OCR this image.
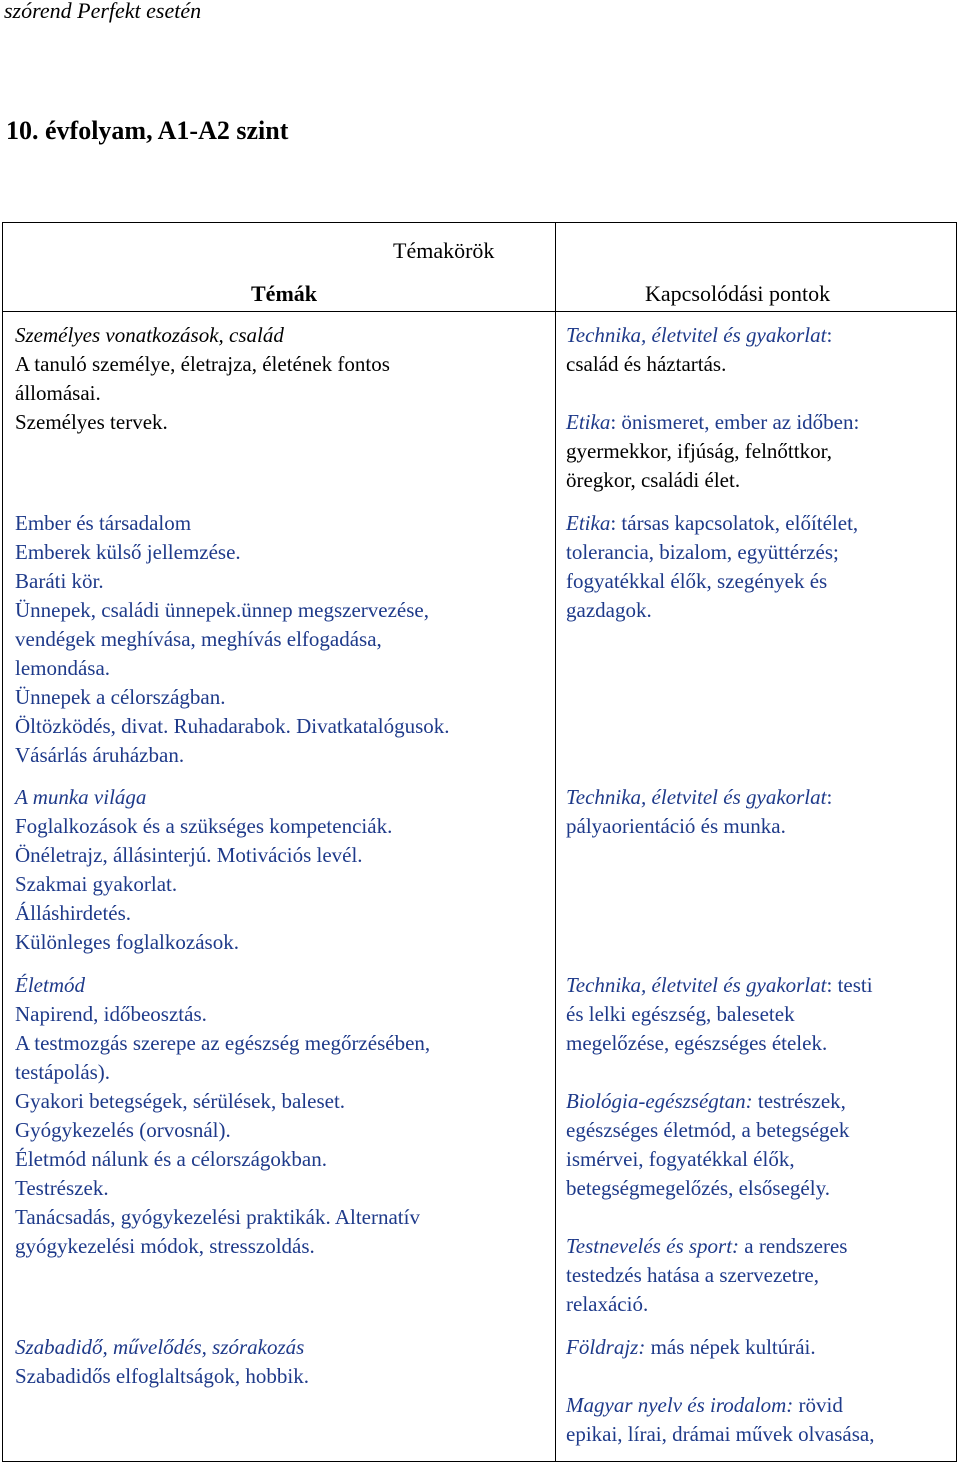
szórend Perfekt esetén
10. évfolyam, A1-A2 szint
Témakörök
Témák	Kapcsolódási pontok

Személyes vonatkozások, család

A tanuló személye, életrajza, életének fontos

állomásai.

Személyes tervek.

Technika, életvitel és gyakorlat:

család és háztartás.

Etika: önismeret, ember az időben:

gyermekkor, ifjúság, felnőttkor,

öregkor, családi élet.

Ember és társadalom

Emberek külső jellemzése.

Baráti kör.

Ünnepek, családi ünnepek.ünnep megszervezése,

vendégek meghívása, meghívás elfogadása,

lemondása.

Ünnepek a célországban.

Öltözködés, divat. Ruhadarabok. Divatkatalógusok.

Vásárlás áruházban.

Etika: társas kapcsolatok, előítélet,

tolerancia, bizalom, együttérzés;

fogyatékkal élők, szegények és

gazdagok.

A munka világa

Foglalkozások és a szükséges kompetenciák.

Önéletrajz, állásinterjú. Motivációs levél.

Szakmai gyakorlat.

Álláshirdetés.

Különleges foglalkozások.

Technika, életvitel és gyakorlat:

pályaorientáció és munka.

Életmód

Napirend, időbeosztás.

A testmozgás szerepe az egészség megőrzésében,

testápolás).

Gyakori betegségek, sérülések, baleset.

Gyógykezelés (orvosnál).

Életmód nálunk és a célországokban.

Testrészek.

Tanácsadás, gyógykezelési praktikák. Alternatív

gyógykezelési módok, stresszoldás.

Technika, életvitel és gyakorlat: testi

és lelki egészség, balesetek

megelőzése, egészséges ételek.

Biológia-egészségtan: testrészek,

egészséges életmód, a betegségek

ismérvei, fogyatékkal élők,

betegségmegelőzés, elsősegély.

Testnevelés és sport: a rendszeres

testedzés hatása a szervezetre,

relaxáció.

Szabadidő, művelődés, szórakozás

Szabadidős elfoglaltságok, hobbik.

Földrajz: más népek kultúrái.

Magyar nyelv és irodalom: rövid

epikai, lírai, drámai művek olvasása,
